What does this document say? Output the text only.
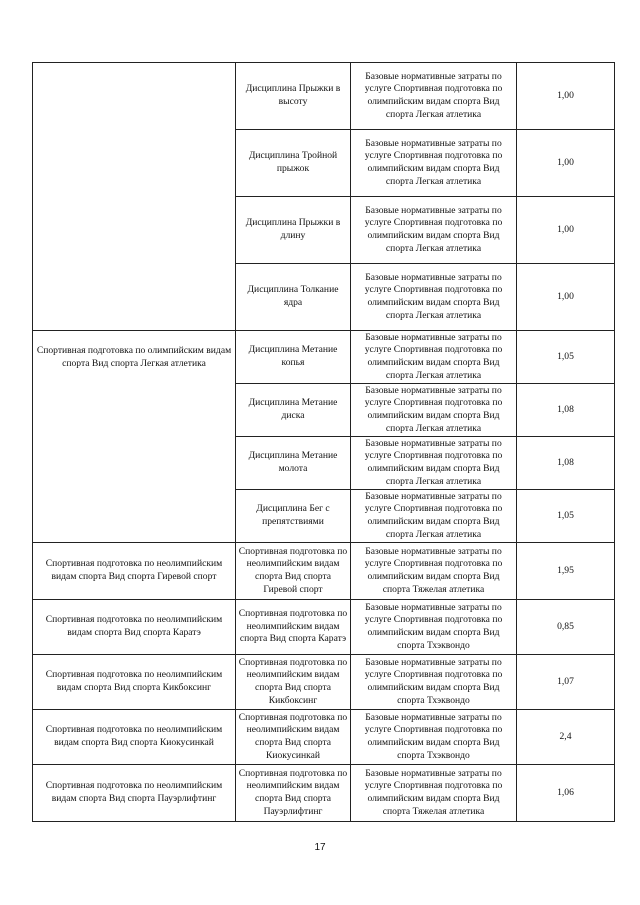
	Дисциплина Прыжки в высоту	Базовые нормативные затраты по услуге Спортивная подготовка по олимпийским видам спорта Вид спорта Легкая атлетика	1,00
	Дисциплина Тройной прыжок	Базовые нормативные затраты по услуге Спортивная подготовка по олимпийским видам спорта Вид спорта Легкая атлетика	1,00
	Дисциплина Прыжки в длину	Базовые нормативные затраты по услуге Спортивная подготовка по олимпийским видам спорта Вид спорта Легкая атлетика	1,00
	Дисциплина Толкание ядра	Базовые нормативные затраты по услуге Спортивная подготовка по олимпийским видам спорта Вид спорта Легкая атлетика	1,00
Спортивная подготовка по олимпийским видам спорта Вид спорта Легкая атлетика	Дисциплина Метание копья	Базовые нормативные затраты по услуге Спортивная подготовка по олимпийским видам спорта Вид спорта Легкая атлетика	1,05
	Дисциплина Метание диска	Базовые нормативные затраты по услуге Спортивная подготовка по олимпийским видам спорта Вид спорта Легкая атлетика	1,08
	Дисциплина Метание молота	Базовые нормативные затраты по услуге Спортивная подготовка по олимпийским видам спорта Вид спорта Легкая атлетика	1,08
	Дисциплина Бег с препятствиями	Базовые нормативные затраты по услуге Спортивная подготовка по олимпийским видам спорта Вид спорта Легкая атлетика	1,05
Спортивная подготовка по неолимпийским видам спорта Вид спорта Гиревой спорт	Спортивная подготовка по неолимпийским видам спорта Вид спорта Гиревой спорт	Базовые нормативные затраты по услуге Спортивная подготовка по олимпийским видам спорта Вид спорта Тяжелая атлетика	1,95
Спортивная подготовка по неолимпийским видам спорта Вид спорта Каратэ	Спортивная подготовка по неолимпийским видам спорта Вид спорта Каратэ	Базовые нормативные затраты по услуге Спортивная подготовка по олимпийским видам спорта Вид спорта Тхэквондо	0,85
Спортивная подготовка по неолимпийским видам спорта Вид спорта Кикбоксинг	Спортивная подготовка по неолимпийским видам спорта Вид спорта Кикбоксинг	Базовые нормативные затраты по услуге Спортивная подготовка по олимпийским видам спорта Вид спорта Тхэквондо	1,07
Спортивная подготовка по неолимпийским видам спорта Вид спорта Киокусинкай	Спортивная подготовка по неолимпийским видам спорта Вид спорта Киокусинкай	Базовые нормативные затраты по услуге Спортивная подготовка по олимпийским видам спорта Вид спорта Тхэквондо	2,4
Спортивная подготовка по неолимпийским видам спорта Вид спорта Пауэрлифтинг	Спортивная подготовка по неолимпийским видам спорта Вид спорта Пауэрлифтинг	Базовые нормативные затраты по услуге Спортивная подготовка по олимпийским видам спорта Вид спорта Тяжелая атлетика	1,06
17
